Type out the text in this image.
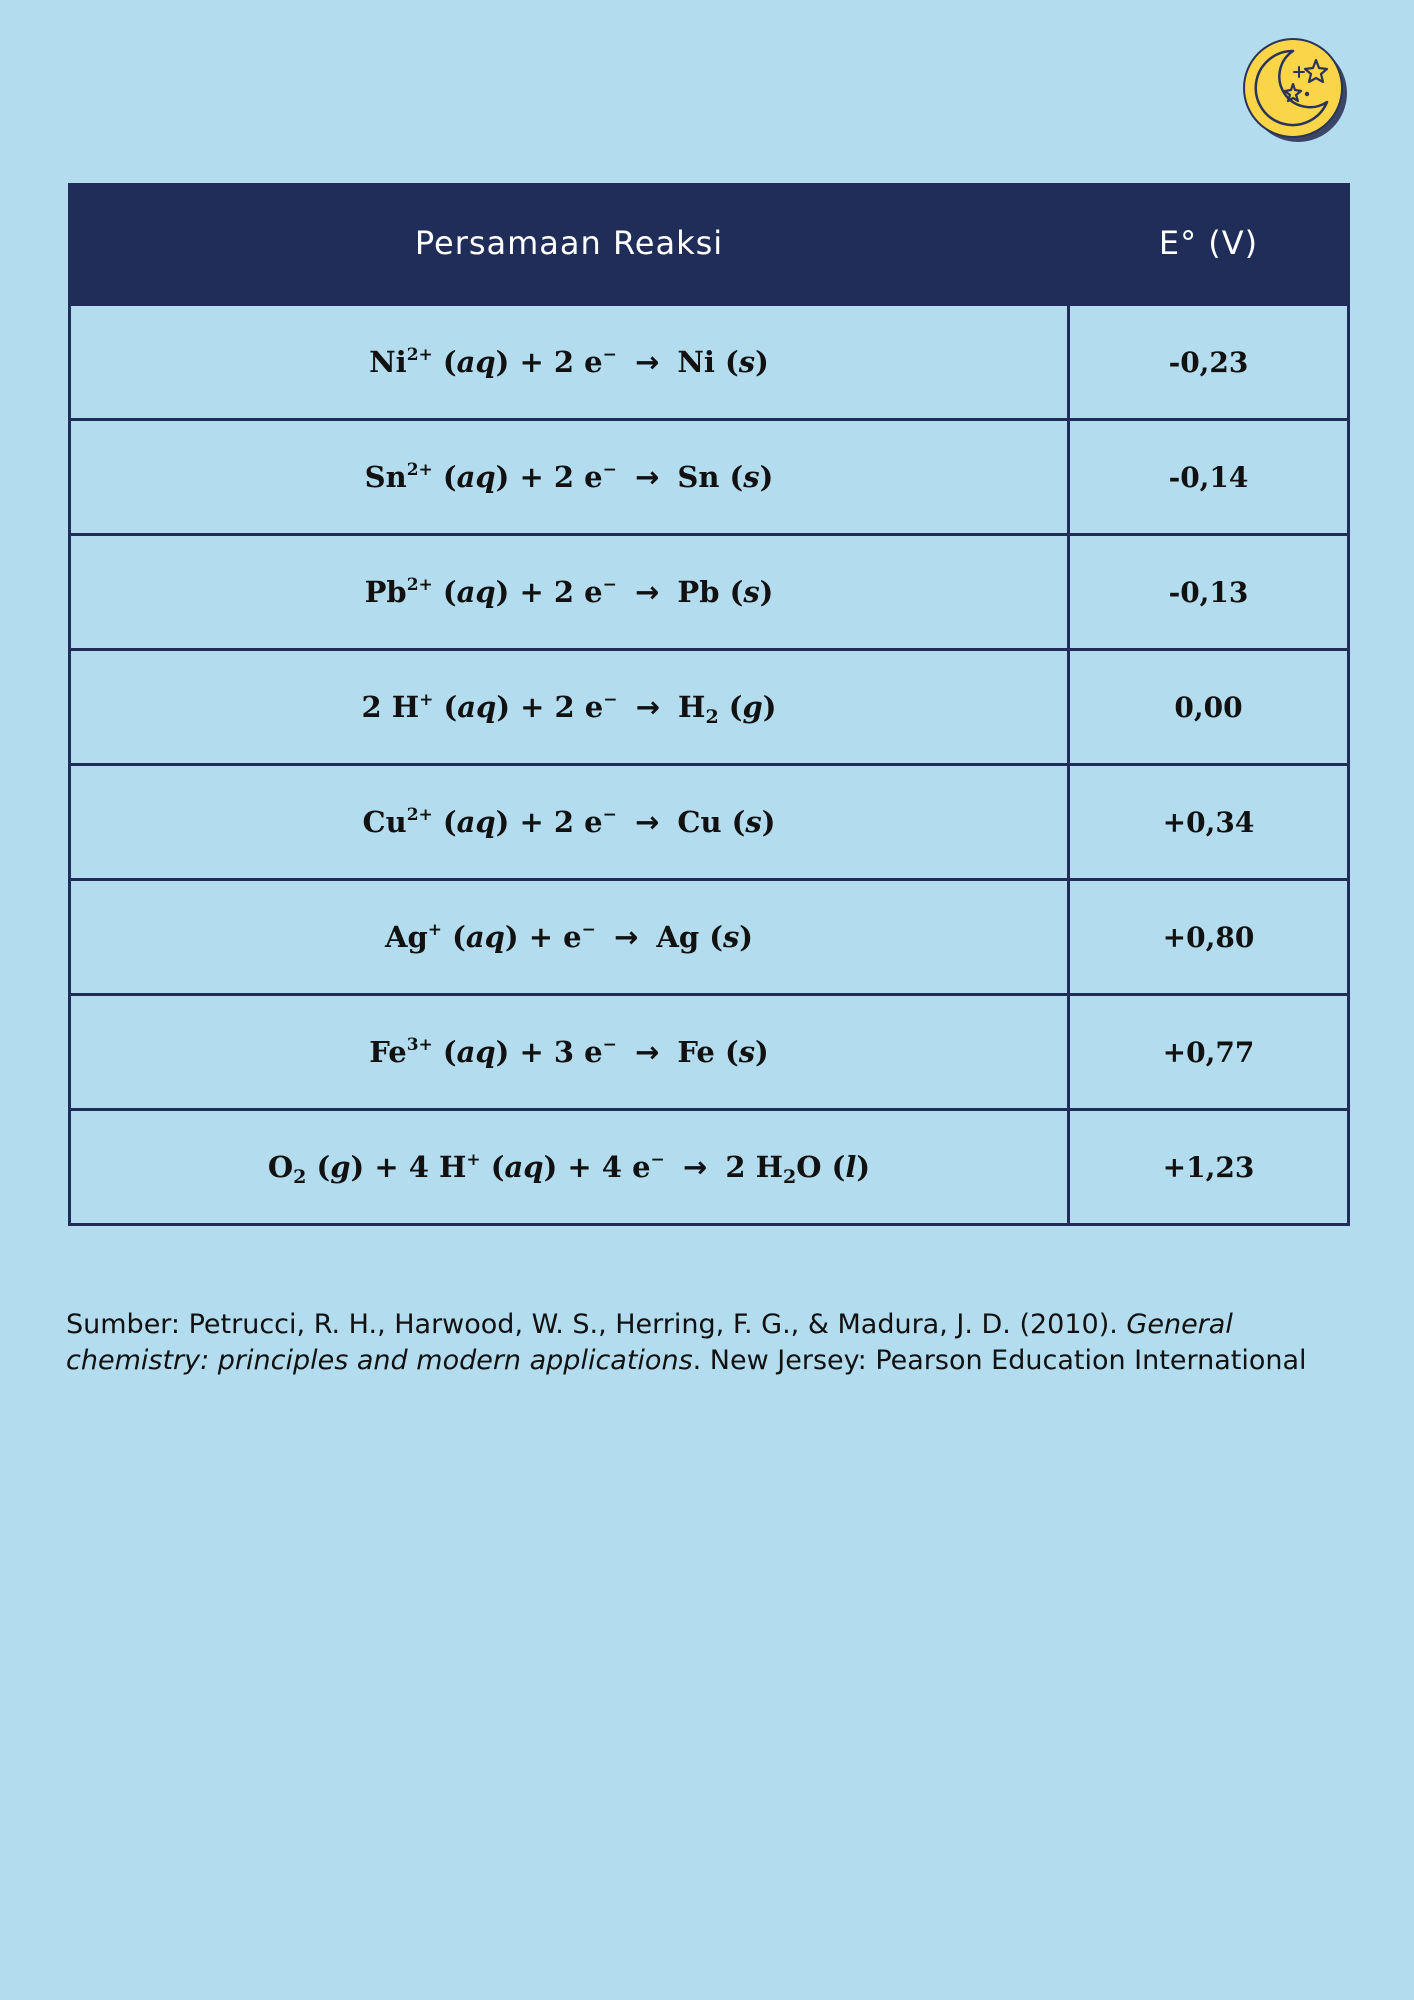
Persamaan Reaksi	E° (V)
$Ni^{2+}$ (aq) + 2 e− → Ni (s)	-0,23
$Sn^{2+}$ (aq) + 2 e− → Sn (s)	-0,14
$Pb^{2+}$ (aq) + 2 e− → Pb (s)	-0,13
2 H+ (aq) + 2 $e^- \to H_2$ (g)	0,00
$Cu^{2+}$ (aq) + 2 e− → Cu (s)	+0,34
Ag+ (aq) + e− → Ag (s)	+0,80
$Fe^{3+}$ (aq) + 3 e− → Fe (s)	+0,77
$O_2$ (g) + 4 H+ (aq) + 4 e− → 2 $H_2O$ (l)	+1,23

Sumber: Petrucci, R. H., Harwood, W. S., Herring, F. G., & Madura, J. D. (2010). General chemistry: principles and modern applications. New Jersey: Pearson Education International
